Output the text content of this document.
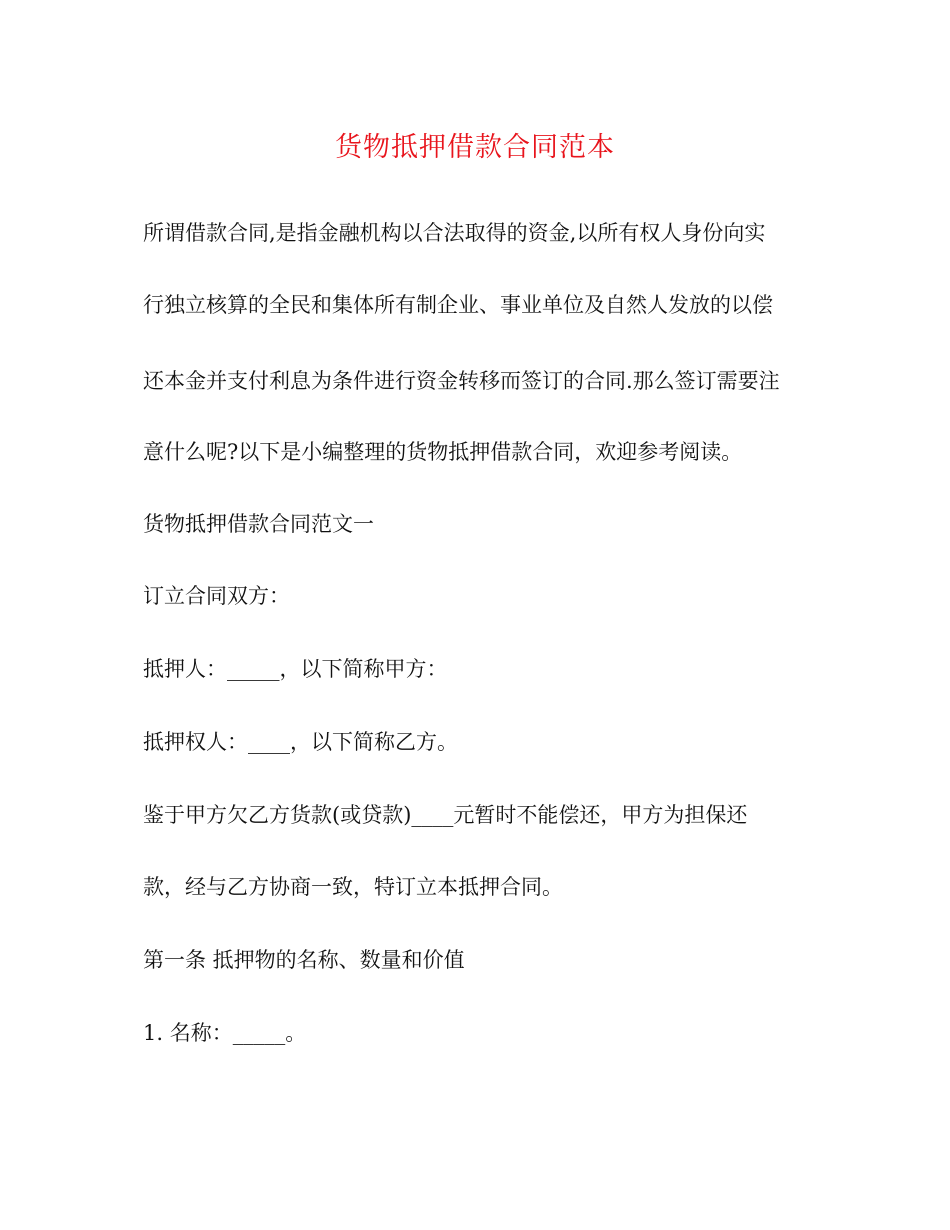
货物抵押借款合同范本
所谓借款合同,是指金融机构以合法取得的资金,以所有权人身份向实
行独立核算的全民和集体所有制企业、事业单位及自然人发放的以偿
还本金并支付利息为条件进行资金转移而签订的合同.那么签订需要注
意什么呢?以下是小编整理的货物抵押借款合同，欢迎参考阅读。
货物抵押借款合同范文一
订立合同双方：
抵押人：_____，以下简称甲方：
抵押权人：____，以下简称乙方。
鉴于甲方欠乙方货款(或贷款)____元暂时不能偿还，甲方为担保还
款，经与乙方协商一致，特订立本抵押合同。
第一条 抵押物的名称、数量和价值
1. 名称：_____。
